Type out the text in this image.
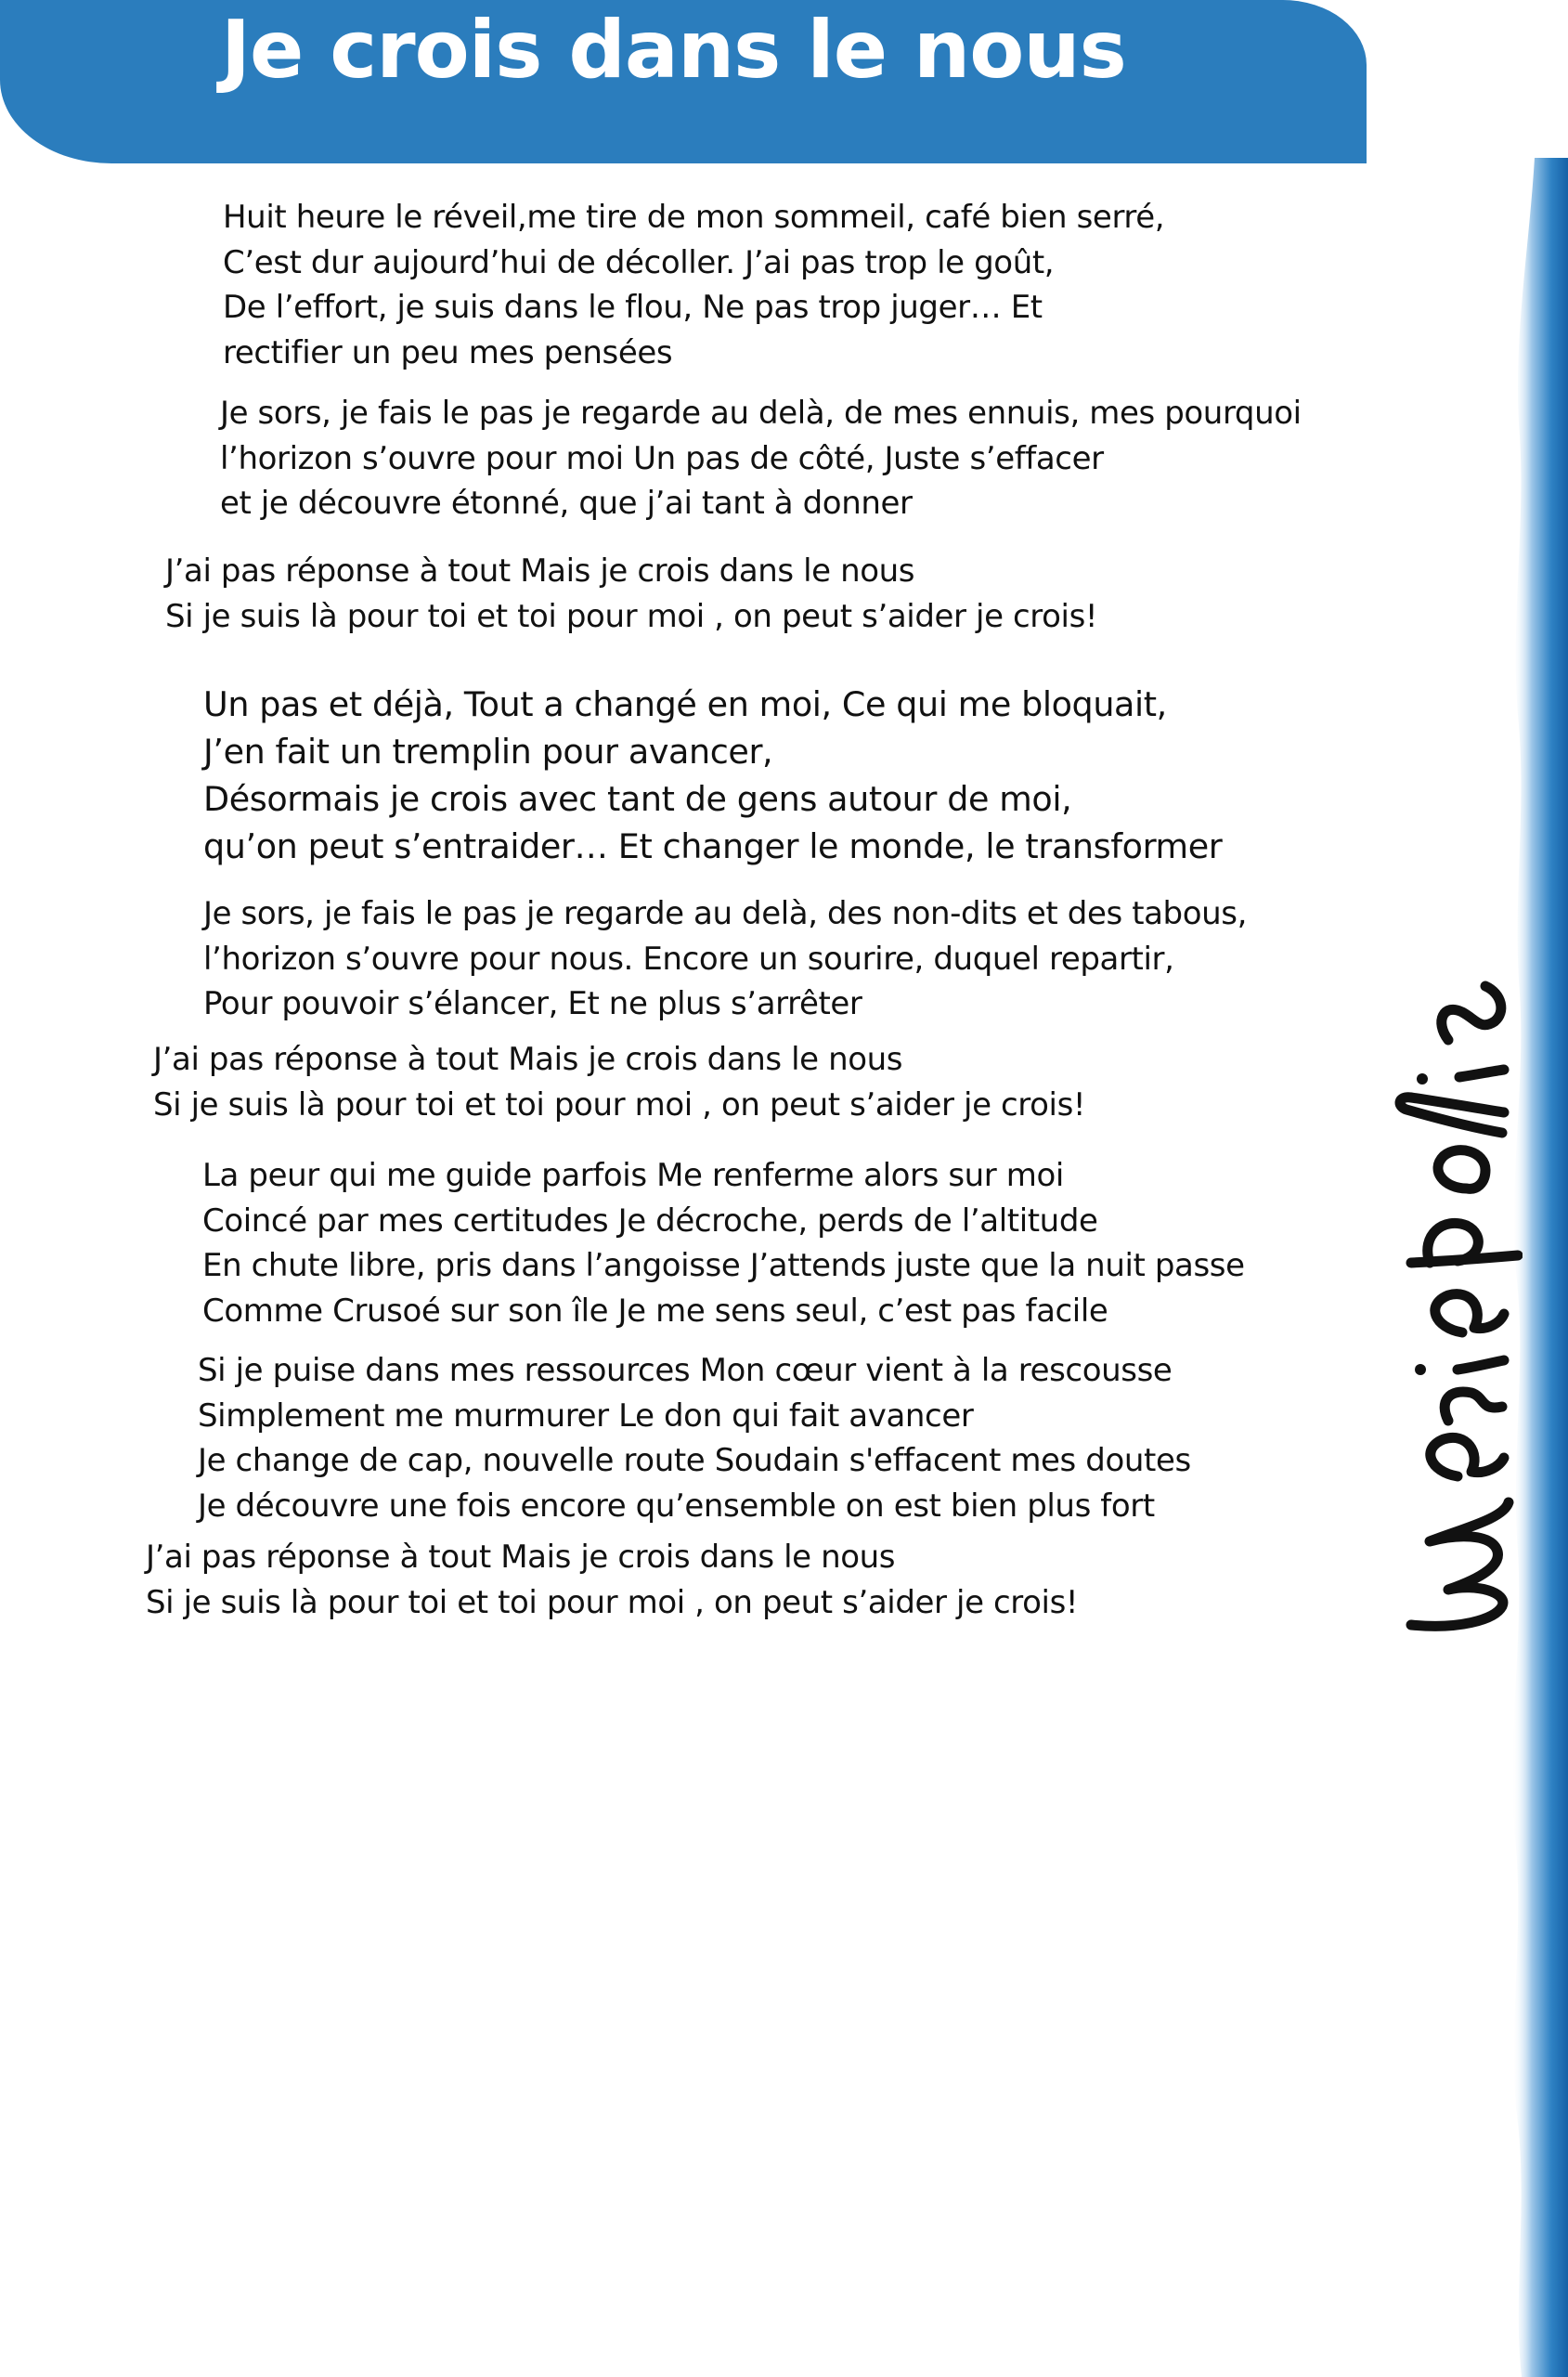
Je crois dans le nous
Huit heure le réveil,me tire de mon sommeil, café bien serré,
C’est dur aujourd’hui de décoller. J’ai pas trop le goût,
De l’effort, je suis dans le flou, Ne pas trop juger… Et
rectifier un peu mes pensées
Je sors, je fais le pas je regarde au delà, de mes ennuis, mes pourquoi
l’horizon s’ouvre pour moi Un pas de côté, Juste s’effacer
et je découvre étonné, que j’ai tant à donner
J’ai pas réponse à tout Mais je crois dans le nous
Si je suis là pour toi et toi pour moi , on peut s’aider je crois!
Un pas et déjà, Tout a changé en moi, Ce qui me bloquait,
J’en fait un tremplin pour avancer,
Désormais je crois avec tant de gens autour de moi,
qu’on peut s’entraider… Et changer le monde, le transformer
Je sors, je fais le pas je regarde au delà, des non-dits et des tabous,
l’horizon s’ouvre pour nous. Encore un sourire, duquel repartir,
Pour pouvoir s’élancer, Et ne plus s’arrêter
J’ai pas réponse à tout Mais je crois dans le nous
Si je suis là pour toi et toi pour moi , on peut s’aider je crois!
La peur qui me guide parfois Me renferme alors sur moi
Coincé par mes certitudes Je décroche, perds de l’altitude
En chute libre, pris dans l’angoisse J’attends juste que la nuit passe
Comme Crusoé sur son île Je me sens seul, c’est pas facile
Si je puise dans mes ressources Mon cœur vient à la rescousse
Simplement me murmurer Le don qui fait avancer
Je change de cap, nouvelle route Soudain s'effacent mes doutes
Je découvre une fois encore qu’ensemble on est bien plus fort
J’ai pas réponse à tout Mais je crois dans le nous
Si je suis là pour toi et toi pour moi , on peut s’aider je crois!
